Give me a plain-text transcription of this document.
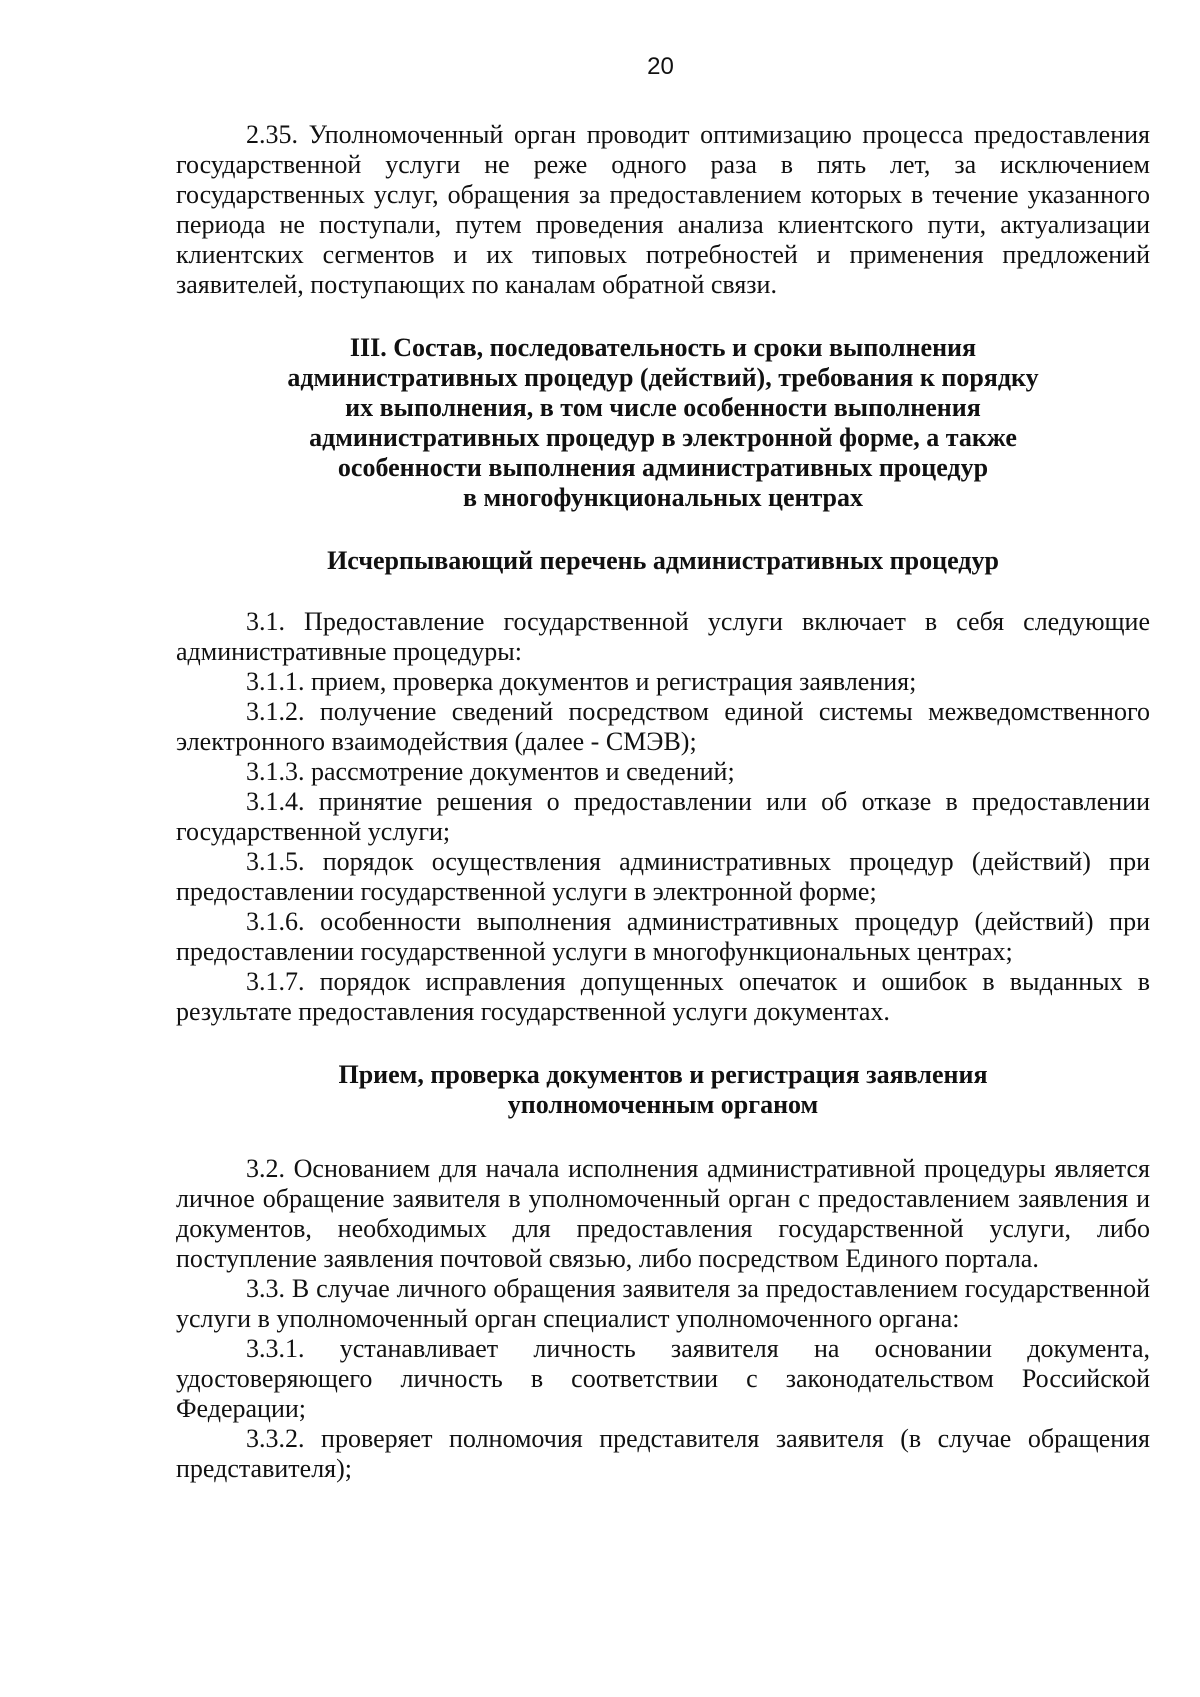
20

2.35. Уполномоченный орган проводит оптимизацию процесса предоставления государственной услуги не реже одного раза в пять лет, за исключением государственных услуг, обращения за предоставлением которых в течение указанного периода не поступали, путем проведения анализа клиентского пути, актуализации клиентских сегментов и их типовых потребностей и применения предложений заявителей, поступающих по каналам обратной связи.

III. Состав, последовательность и сроки выполнения
административных процедур (действий), требования к порядку
их выполнения, в том числе особенности выполнения
административных процедур в электронной форме, а также
особенности выполнения административных процедур
в многофункциональных центрах

Исчерпывающий перечень административных процедур

3.1. Предоставление государственной услуги включает в себя следующие административные процедуры:

3.1.1. прием, проверка документов и регистрация заявления;

3.1.2. получение сведений посредством единой системы межведомственного электронного взаимодействия (далее - СМЭВ);

3.1.3. рассмотрение документов и сведений;

3.1.4. принятие решения о предоставлении или об отказе в предоставлении государственной услуги;

3.1.5. порядок осуществления административных процедур (действий) при предоставлении государственной услуги в электронной форме;

3.1.6. особенности выполнения административных процедур (действий) при предоставлении государственной услуги в многофункциональных центрах;

3.1.7. порядок исправления допущенных опечаток и ошибок в выданных в результате предоставления государственной услуги документах.

Прием, проверка документов и регистрация заявления
уполномоченным органом

3.2. Основанием для начала исполнения административной процедуры является личное обращение заявителя в уполномоченный орган с предоставлением заявления и документов, необходимых для предоставления государственной услуги, либо поступление заявления почтовой связью, либо посредством Единого портала.

3.3. В случае личного обращения заявителя за предоставлением государственной услуги в уполномоченный орган специалист уполномоченного органа:

3.3.1. устанавливает личность заявителя на основании документа, удостоверяющего личность в соответствии с законодательством Российской Федерации;

3.3.2. проверяет полномочия представителя заявителя (в случае обращения представителя);
